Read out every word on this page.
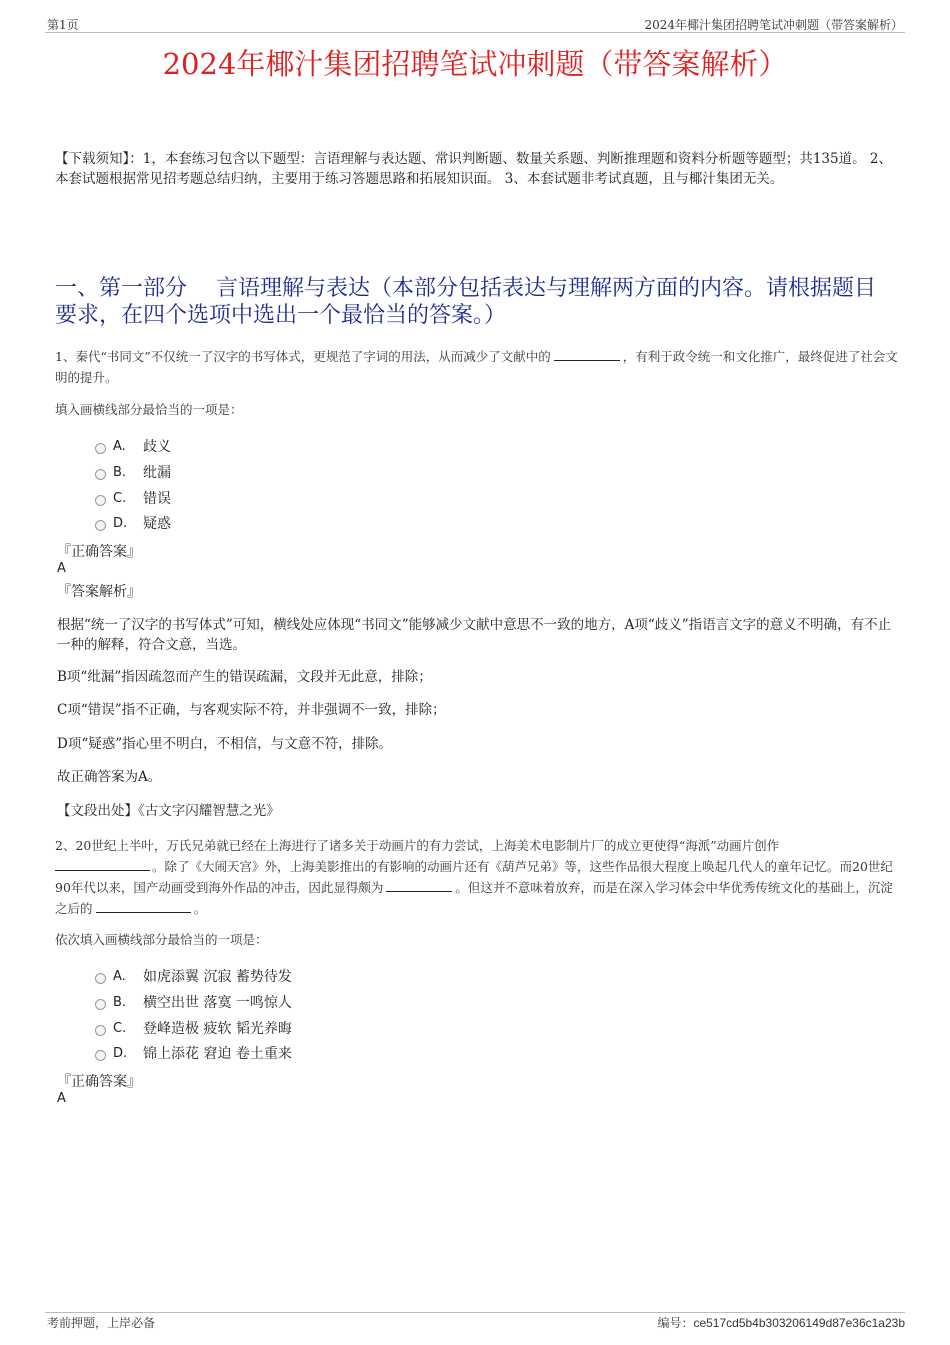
第1页	2024年椰汁集团招聘笔试冲刺题（带答案解析）
2024年椰汁集团招聘笔试冲刺题（带答案解析）
【下载须知】：1，本套练习包含以下题型：言语理解与表达题、常识判断题、数量关系题、判断推理题和资料分析题等题型；共135道。 2、本套试题根据常见招考题总结归纳，主要用于练习答题思路和拓展知识面。 3、本套试题非考试真题，且与椰汁集团无关。
一、第一部分　 言语理解与表达（本部分包括表达与理解两方面的内容。请根据题目要求，在四个选项中选出一个最恰当的答案。）
1、秦代“书同文”不仅统一了汉字的书写体式，更规范了字词的用法，从而减少了文献中的	，有利于政令统一和文化推广，最终促进了社会文明的提升。
填入画横线部分最恰当的一项是：
A.	歧义
B.	纰漏
C.	错误
D.	疑惑
『正确答案』
A
『答案解析』
根据“统一了汉字的书写体式”可知，横线处应体现“书同文”能够减少文献中意思不一致的地方，A项“歧义”指语言文字的意义不明确，有不止一种的解释，符合文意，当选。
B项“纰漏”指因疏忽而产生的错误疏漏，文段并无此意，排除；
C项“错误”指不正确，与客观实际不符，并非强调不一致，排除；
D项“疑惑”指心里不明白，不相信，与文意不符，排除。
故正确答案为A。
【文段出处】《古文字闪耀智慧之光》
2、20世纪上半叶，万氏兄弟就已经在上海进行了诸多关于动画片的有力尝试，上海美术电影制片厂的成立更使得“海派”动画片创作
。除了《大闹天宫》外，上海美影推出的有影响的动画片还有《葫芦兄弟》等，这些作品很大程度上唤起几代人的童年记忆。而20世纪90年代以来，国产动画受到海外作品的冲击，因此显得颇为	。但这并不意味着放弃，而是在深入学习体会中华优秀传统文化的基础上，沉淀之后的	。
依次填入画横线部分最恰当的一项是：
A.	如虎添翼 沉寂 蓄势待发
B.	横空出世 落寞 一鸣惊人
C.	登峰造极 疲软 韬光养晦
D.	锦上添花 窘迫 卷土重来
『正确答案』
A
考前押题，上岸必备	编号：ce517cd5b4b303206149d87e36c1a23b
